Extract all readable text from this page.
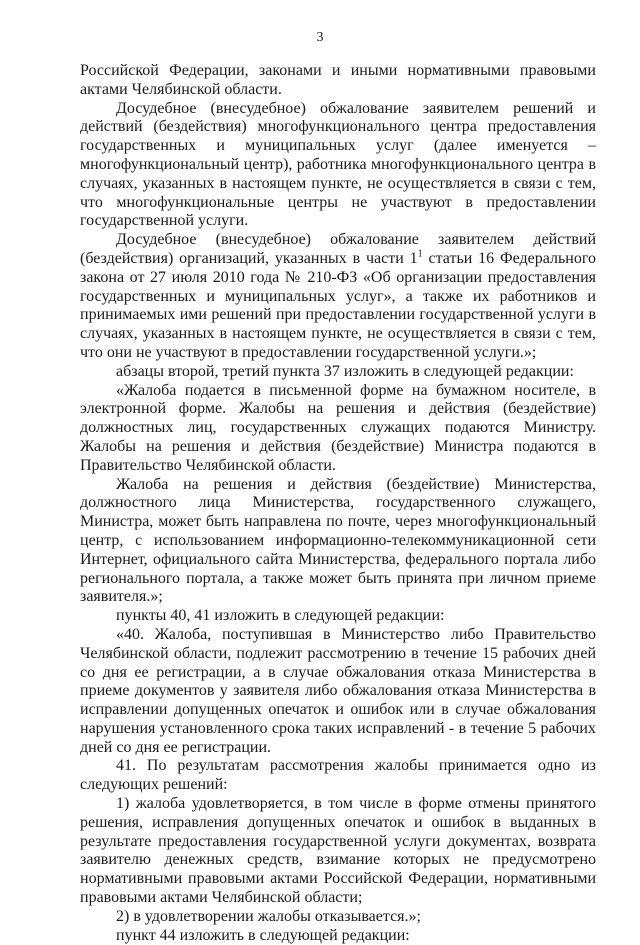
3

Российской Федерации, законами и иными нормативными правовыми актами Челябинской области.

Досудебное (внесудебное) обжалование заявителем решений и действий (бездействия) многофункционального центра предоставления государственных и муниципальных услуг (далее именуется – многофункциональный центр), работника многофункционального центра в случаях, указанных в настоящем пункте, не осуществляется в связи с тем, что многофункциональные центры не участвуют в предоставлении государственной услуги.

Досудебное (внесудебное) обжалование заявителем действий (бездействия) организаций, указанных в части $1^1$ статьи 16 Федерального закона от 27 июля 2010 года № 210-ФЗ «Об организации предоставления государственных и муниципальных услуг», а также их работников и принимаемых ими решений при предоставлении государственной услуги в случаях, указанных в настоящем пункте, не осуществляется в связи с тем, что они не участвуют в предоставлении государственной услуги.»;

абзацы второй, третий пункта 37 изложить в следующей редакции:

«Жалоба подается в письменной форме на бумажном носителе, в электронной форме. Жалобы на решения и действия (бездействие) должностных лиц, государственных служащих подаются Министру. Жалобы на решения и действия (бездействие) Министра подаются в Правительство Челябинской области.

Жалоба на решения и действия (бездействие) Министерства, должностного лица Министерства, государственного служащего, Министра, может быть направлена по почте, через многофункциональный центр, с использованием информационно-телекоммуникационной сети Интернет, официального сайта Министерства, федерального портала либо регионального портала, а также может быть принята при личном приеме заявителя.»;

пункты 40, 41 изложить в следующей редакции:

«40. Жалоба, поступившая в Министерство либо Правительство Челябинской области, подлежит рассмотрению в течение 15 рабочих дней со дня ее регистрации, а в случае обжалования отказа Министерства в приеме документов у заявителя либо обжалования отказа Министерства в исправлении допущенных опечаток и ошибок или в случае обжалования нарушения установленного срока таких исправлений - в течение 5 рабочих дней со дня ее регистрации.

41. По результатам рассмотрения жалобы принимается одно из следующих решений:

1) жалоба удовлетворяется, в том числе в форме отмены принятого решения, исправления допущенных опечаток и ошибок в выданных в результате предоставления государственной услуги документах, возврата заявителю денежных средств, взимание которых не предусмотрено нормативными правовыми актами Российской Федерации, нормативными правовыми актами Челябинской области;

2) в удовлетворении жалобы отказывается.»;

пункт 44 изложить в следующей редакции:
